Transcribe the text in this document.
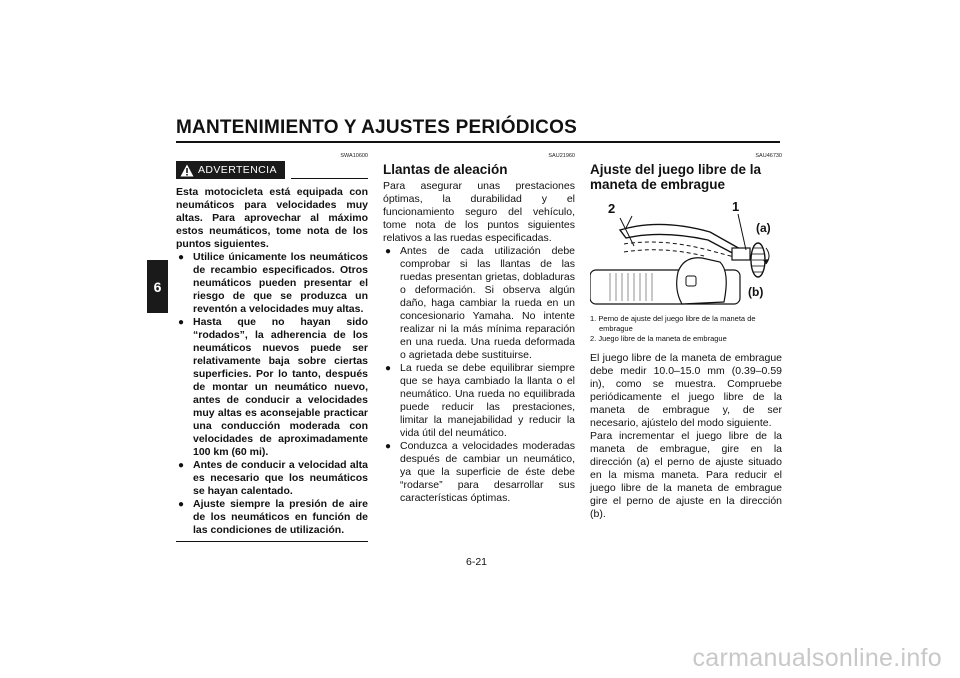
MANTENIMIENTO Y AJUSTES PERIÓDICOS
6
SWA10600
ADVERTENCIA

Esta motocicleta está equipada con neumáticos para velocidades muy altas. Para aprovechar al máximo estos neumáticos, tome nota de los puntos siguientes.

● Utilice únicamente los neumáticos de recambio especificados. Otros neumáticos pueden presentar el riesgo de que se produzca un reventón a velocidades muy altas.
● Hasta que no hayan sido “rodados”, la adherencia de los neumáticos nuevos puede ser relativamente baja sobre ciertas superficies. Por lo tanto, después de montar un neumático nuevo, antes de conducir a velocidades muy altas es aconsejable practicar una conducción moderada con velocidades de aproximadamente 100 km (60 mi).
● Antes de conducir a velocidad alta es necesario que los neumáticos se hayan calentado.
● Ajuste siempre la presión de aire de los neumáticos en función de las condiciones de utilización.
SAU21960
Llantas de aleación

Para asegurar unas prestaciones óptimas, la durabilidad y el funcionamiento seguro del vehículo, tome nota de los puntos siguientes relativos a las ruedas especificadas.

● Antes de cada utilización debe comprobar si las llantas de las ruedas presentan grietas, dobladuras o deformación. Si observa algún daño, haga cambiar la rueda en un concesionario Yamaha. No intente realizar ni la más mínima reparación en una rueda. Una rueda deformada o agrietada debe sustituirse.
● La rueda se debe equilibrar siempre que se haya cambiado la llanta o el neumático. Una rueda no equilibrada puede reducir las prestaciones, limitar la manejabilidad y reducir la vida útil del neumático.
● Conduzca a velocidades moderadas después de cambiar un neumático, ya que la superficie de éste debe “rodarse” para desarrollar sus características óptimas.
SAU46730
Ajuste del juego libre de la maneta de embrague
2	1
(a)
(b)
1. Perno de ajuste del juego libre de la maneta de embrague
2. Juego libre de la maneta de embrague

El juego libre de la maneta de embrague debe medir 10.0–15.0 mm (0.39–0.59 in), como se muestra. Compruebe periódicamente el juego libre de la maneta de embrague y, de ser necesario, ajústelo del modo siguiente.

Para incrementar el juego libre de la maneta de embrague, gire en la dirección (a) el perno de ajuste situado en la misma maneta. Para reducir el juego libre de la maneta de embrague gire el perno de ajuste en la dirección (b).

6-21
carmanualsonline.info
